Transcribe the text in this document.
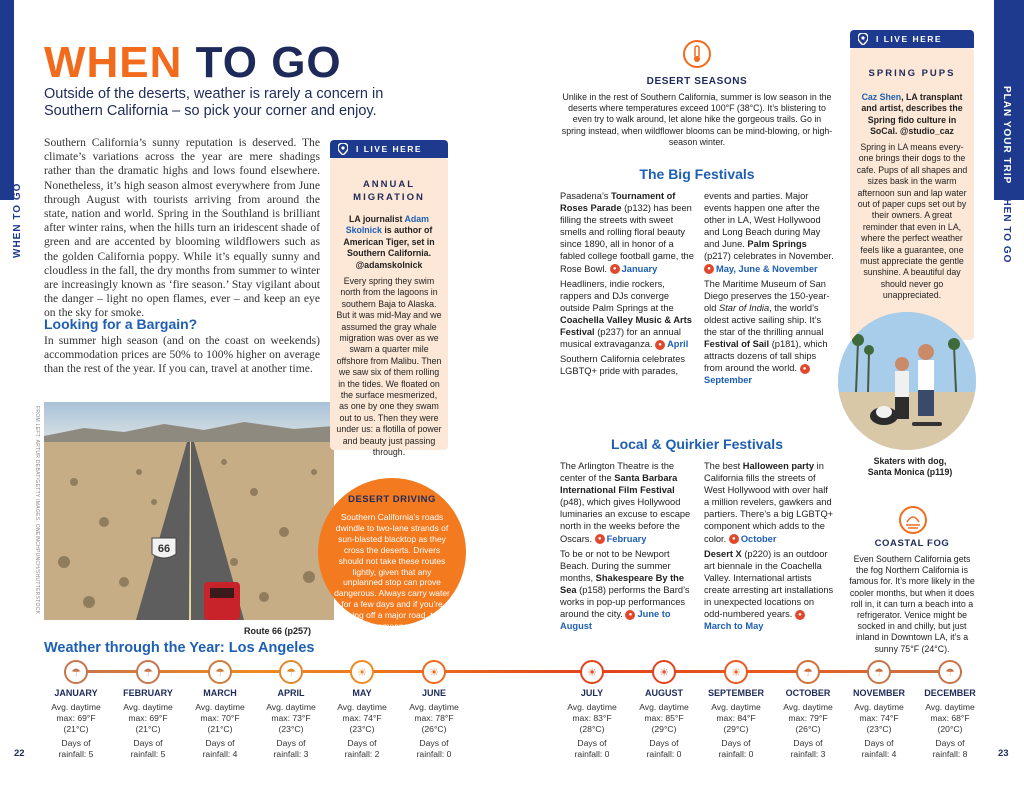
PLAN YOUR TRIP
WHEN TO GO
PLAN YOUR TRIP
WHEN TO GO
WHEN TO GO
Outside of the deserts, weather is rarely a concern in Southern California – so pick your corner and enjoy.
Southern California’s sunny reputation is deserved. The climate’s variations across the year are mere shadings rather than the dramatic highs and lows found elsewhere. Nonetheless, it’s high season almost everywhere from June through August with tourists arriving from around the state, nation and world. Spring in the Southland is brilliant after winter rains, when the hills turn an iridescent shade of green and are accented by blooming wildflowers such as the golden California poppy. While it’s equally sunny and cloudless in the fall, the dry months from summer to winter are increasingly known as ‘fire season.’ Stay vigilant about the danger – light no open flames, ever – and keep an eye on the sky for smoke.
Looking for a Bargain?
In summer high season (and on the coast on weekends) accommodation prices are 50% to 100% higher on average than the rest of the year. If you can, travel at another time.
66
Route 66 (p257)
FROM LEFT: ARTUR DEBAT/GETTY IMAGES; ONEINCHPUNCH/SHUTTERSTOCK
I LIVE HERE
ANNUAL MIGRATION
LA journalist Adam Skolnick is author of American Tiger, set in Southern California. @adamskolnick
Every spring they swim north from the lagoons in southern Baja to Alaska. But it was mid-May and we assumed the gray whale migration was over as we swam a quarter mile offshore from Malibu. Then we saw six of them rolling in the tides. We floated on the surface mesmerized, as one by one they swam out to us. Then they were under us: a flotilla of power and beauty just passing through.
DESERT DRIVING
Southern California’s roads dwindle to two-lane strands of sun-blasted blacktop as they cross the deserts. Drivers should not take these routes lightly, given that any unplanned stop can prove dangerous. Always carry water for a few days and if you’re going off a major road, tell someone.
DESERT SEASONS
Unlike in the rest of Southern California, summer is low season in the deserts where temperatures exceed 100°F (38°C). It’s blistering to even try to walk around, let alone hike the gorgeous trails. Go in spring instead, when wildflower blooms can be mind-blowing, or high-season winter.
The Big Festivals

Pasadena’s Tournament of Roses Parade (p132) has been filling the streets with sweet smells and rolling floral beauty since 1890, all in honor of a fabled college football game, the Rose Bowl. ● January

Headliners, indie rockers, rappers and DJs converge outside Palm Springs at the Coachella Valley Music & Arts Festival (p237) for an annual musical extravaganza. ● April

Southern California celebrates LGBTQ+ pride with parades,

events and parties. Major events happen one after the other in LA, West Hollywood and Long Beach during May and June. Palm Springs (p217) celebrates in November. ● May, June & November

The Maritime Museum of San Diego preserves the 150-year-old Star of India, the world’s oldest active sailing ship. It’s the star of the thrilling annual Festival of Sail (p181), which attracts dozens of tall ships from around the world. ●September

Local & Quirkier Festivals

The Arlington Theatre is the center of the Santa Barbara International Film Festival (p48), which gives Hollywood luminaries an excuse to escape north in the weeks before the Oscars. ● February

To be or not to be Newport Beach. During the summer months, Shakespeare By the Sea (p158) performs the Bard’s works in pop-up performances around the city. ● June to August

The best Halloween party in California fills the streets of West Hollywood with over half a million revelers, gawkers and partiers. There’s a big LGBTQ+ component which adds to the color. ● October

Desert X (p220) is an outdoor art biennale in the Coachella Valley. International artists create arresting art installations in unexpected locations on odd-numbered years. ●March to May

I LIVE HERE
SPRING PUPS
Caz Shen, LA transplant and artist, describes the Spring fido culture in SoCal. @studio_caz
Spring in LA means every-one brings their dogs to the cafe. Pups of all shapes and sizes bask in the warm afternoon sun and lap water out of paper cups set out by their owners. A great reminder that even in LA, where the perfect weather feels like a guarantee, one must appreciate the gentle sunshine. A beautiful day should never go unappreciated.
Skaters with dog, Santa Monica (p119)
COASTAL FOG
Even Southern California gets the fog Northern California is famous for. It’s more likely in the cooler months, but when it does roll in, it can turn a beach into a refrigerator. Venice might be socked in and chilly, but just inland in Downtown LA, it’s a sunny 75°F (24°C).
Weather through the Year: Los Angeles
☂
JANUARY
Avg. daytime
max: 69°F
(21°C)
Days of
rainfall: 5
☂
FEBRUARY
Avg. daytime
max: 69°F
(21°C)
Days of
rainfall: 5
☂
MARCH
Avg. daytime
max: 70°F
(21°C)
Days of
rainfall: 4
☂
APRIL
Avg. daytime
max: 73°F
(23°C)
Days of
rainfall: 3
☀
MAY
Avg. daytime
max: 74°F
(23°C)
Days of
rainfall: 2
☀
JUNE
Avg. daytime
max: 78°F
(26°C)
Days of
rainfall: 0
☀
JULY
Avg. daytime
max: 83°F
(28°C)
Days of
rainfall: 0
☀
AUGUST
Avg. daytime
max: 85°F
(29°C)
Days of
rainfall: 0
☀
SEPTEMBER
Avg. daytime
max: 84°F
(29°C)
Days of
rainfall: 0
☂
OCTOBER
Avg. daytime
max: 79°F
(26°C)
Days of
rainfall: 3
☂
NOVEMBER
Avg. daytime
max: 74°F
(23°C)
Days of
rainfall: 4
☂
DECEMBER
Avg. daytime
max: 68°F
(20°C)
Days of
rainfall: 8
22	23
